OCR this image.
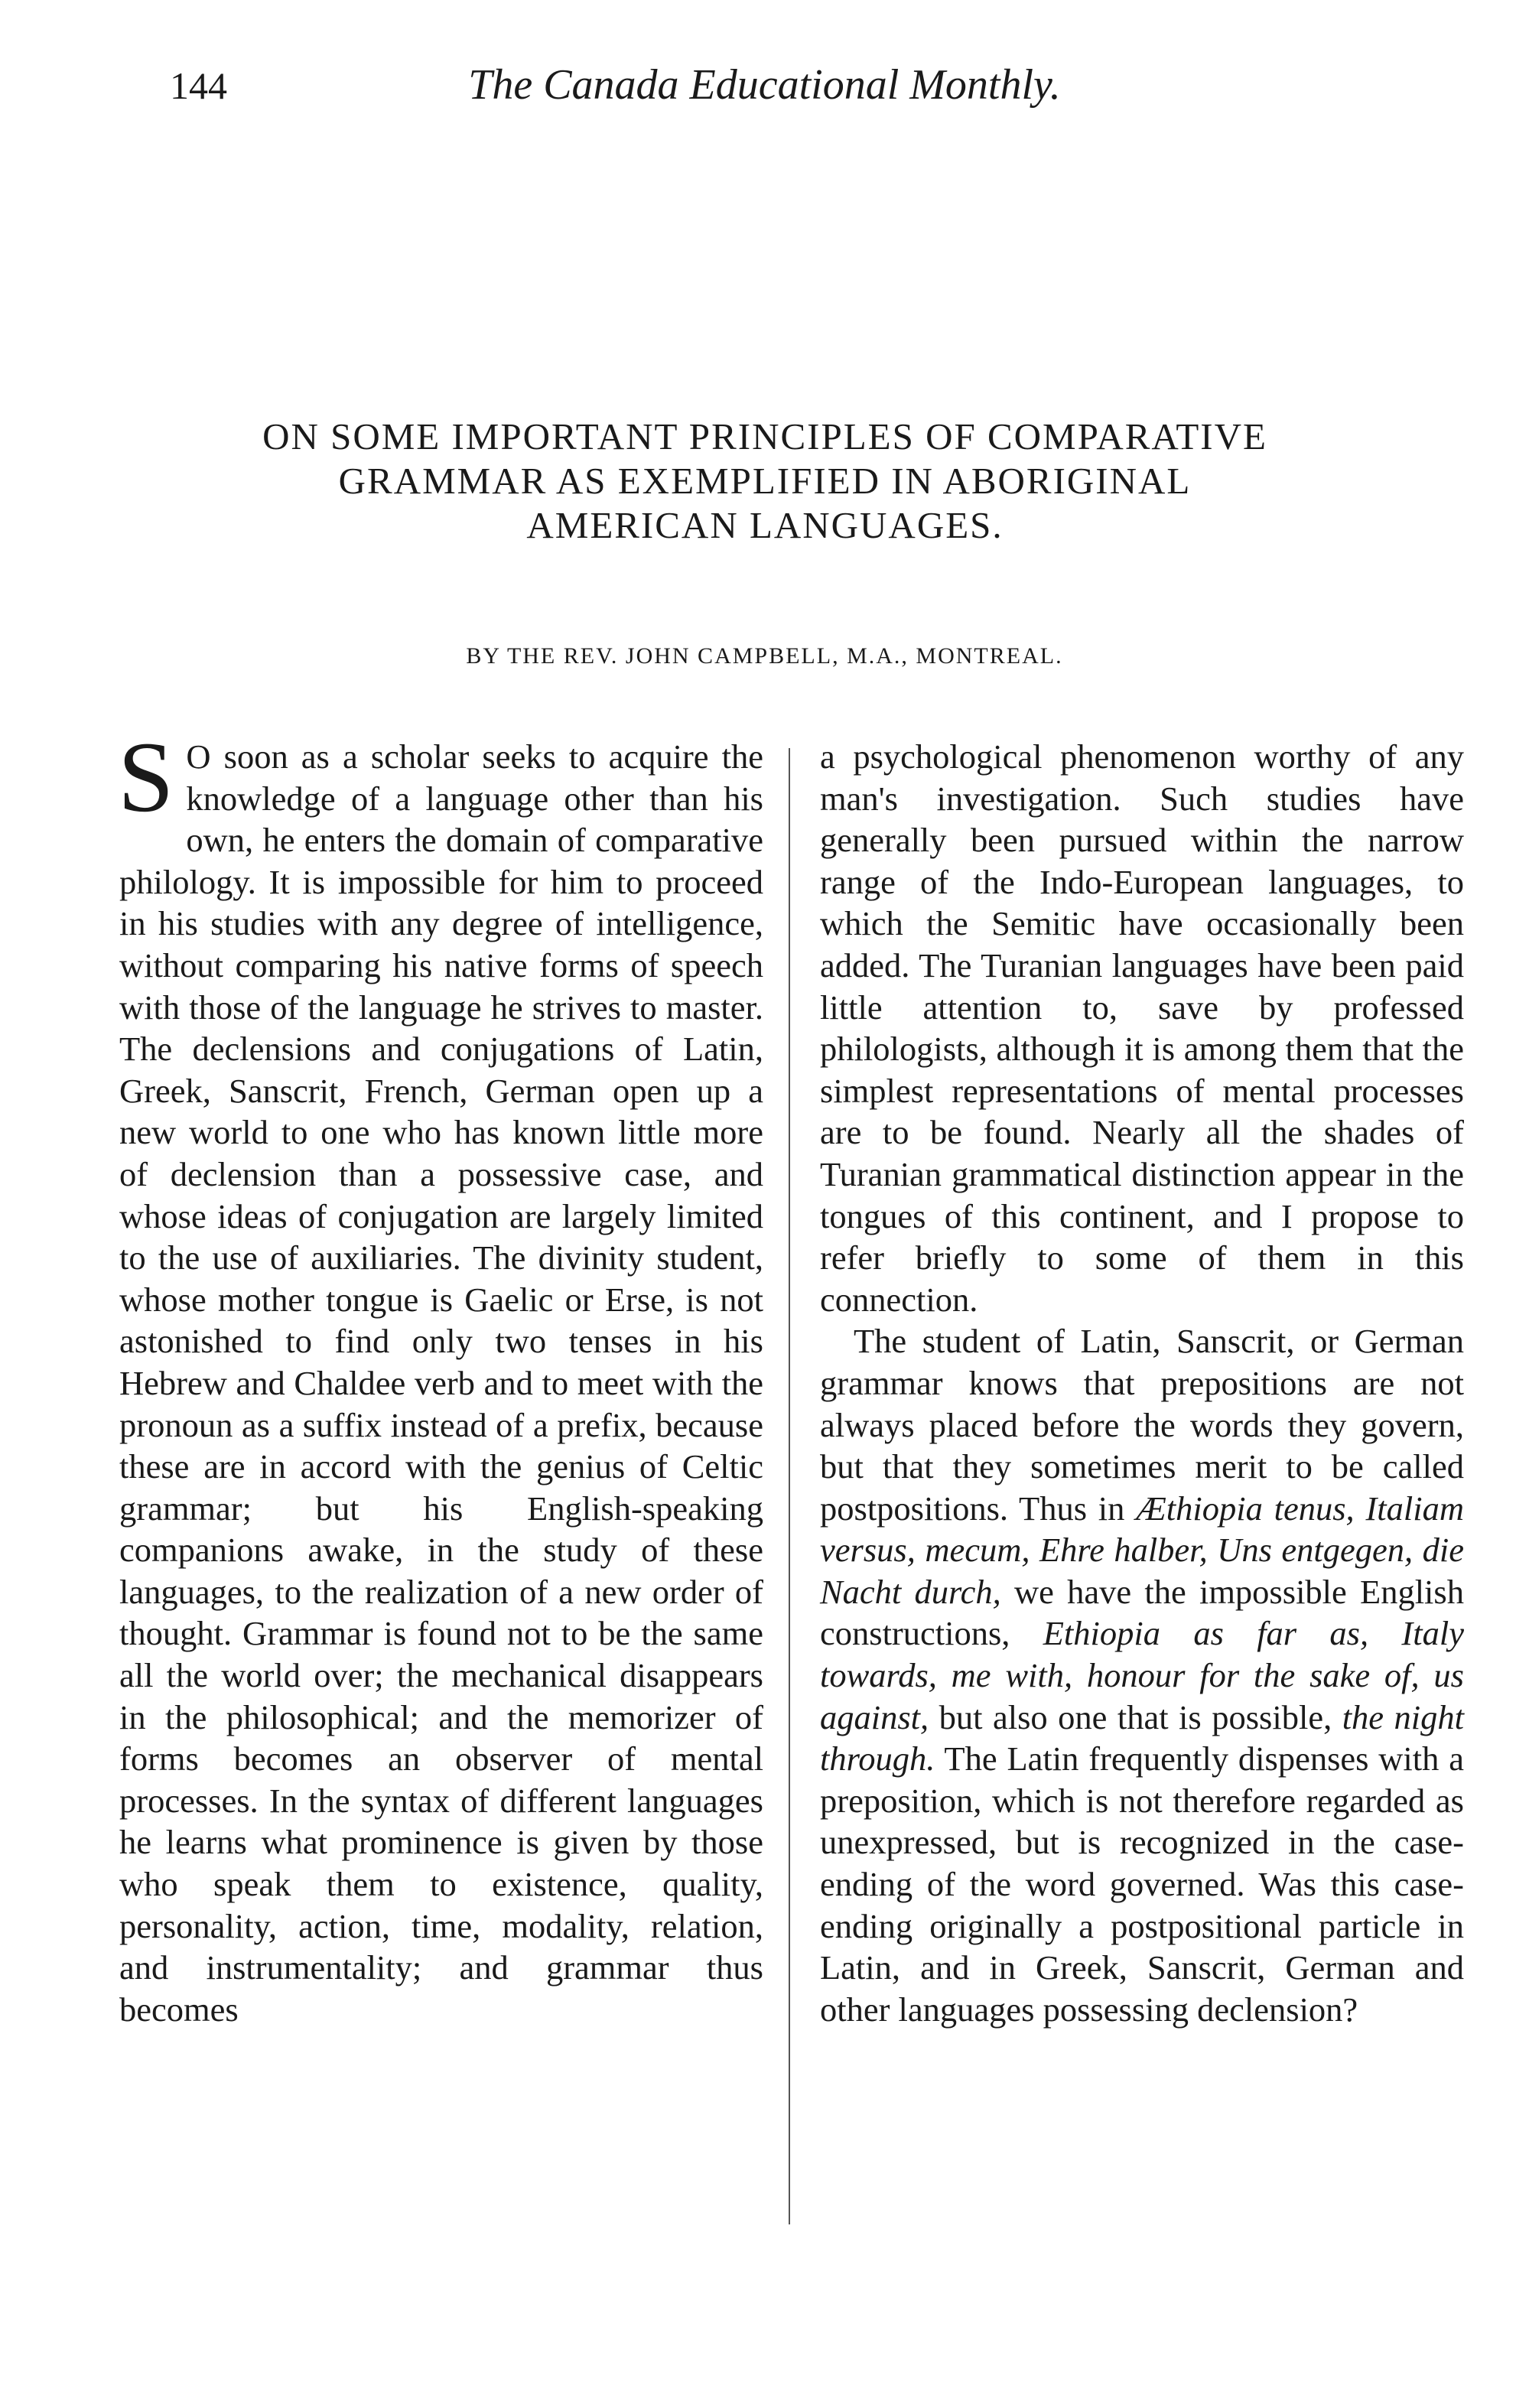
144	The Canada Educational Monthly.
ON SOME IMPORTANT PRINCIPLES OF COMPARATIVE
GRAMMAR AS EXEMPLIFIED IN ABORIGINAL
AMERICAN LANGUAGES.
BY THE REV. JOHN CAMPBELL, M.A., MONTREAL.

S O soon as a scholar seeks to acquire the knowledge of a language other than his own, he enters the domain of comparative philology. It is impossible for him to proceed in his studies with any degree of intelligence, without comparing his native forms of speech with those of the language he strives to master. The declensions and conjugations of Latin, Greek, Sanscrit, French, German open up a new world to one who has known little more of declension than a possessive case, and whose ideas of conjugation are largely limited to the use of auxiliaries. The divinity student, whose mother tongue is Gaelic or Erse, is not astonished to find only two tenses in his Hebrew and Chaldee verb and to meet with the pronoun as a suffix instead of a prefix, because these are in accord with the genius of Celtic grammar; but his English-speaking companions awake, in the study of these languages, to the realization of a new order of thought. Grammar is found not to be the same all the world over; the mechanical disappears in the philosophical; and the memorizer of forms becomes an observer of mental processes. In the syntax of different languages he learns what prominence is given by those who speak them to existence, quality, personality, action, time, modality, relation, and instrumentality; and grammar thus becomes

a psychological phenomenon worthy of any man's investigation. Such studies have generally been pursued within the narrow range of the Indo-European languages, to which the Semitic have occasionally been added. The Turanian languages have been paid little attention to, save by professed philologists, although it is among them that the simplest representations of mental processes are to be found. Nearly all the shades of Turanian grammatical distinction appear in the tongues of this continent, and I propose to refer briefly to some of them in this connection.

The student of Latin, Sanscrit, or German grammar knows that prepositions are not always placed before the words they govern, but that they sometimes merit to be called postpositions. Thus in Æthiopia tenus, Italiam versus, mecum, Ehre halber, Uns entgegen, die Nacht durch, we have the impossible English constructions, Ethiopia as far as, Italy towards, me with, honour for the sake of, us against, but also one that is possible, the night through. The Latin frequently dispenses with a preposition, which is not therefore regarded as unexpressed, but is recognized in the case-ending of the word governed. Was this case-ending originally a postpositional particle in Latin, and in Greek, Sanscrit, German and other languages possessing declension?
